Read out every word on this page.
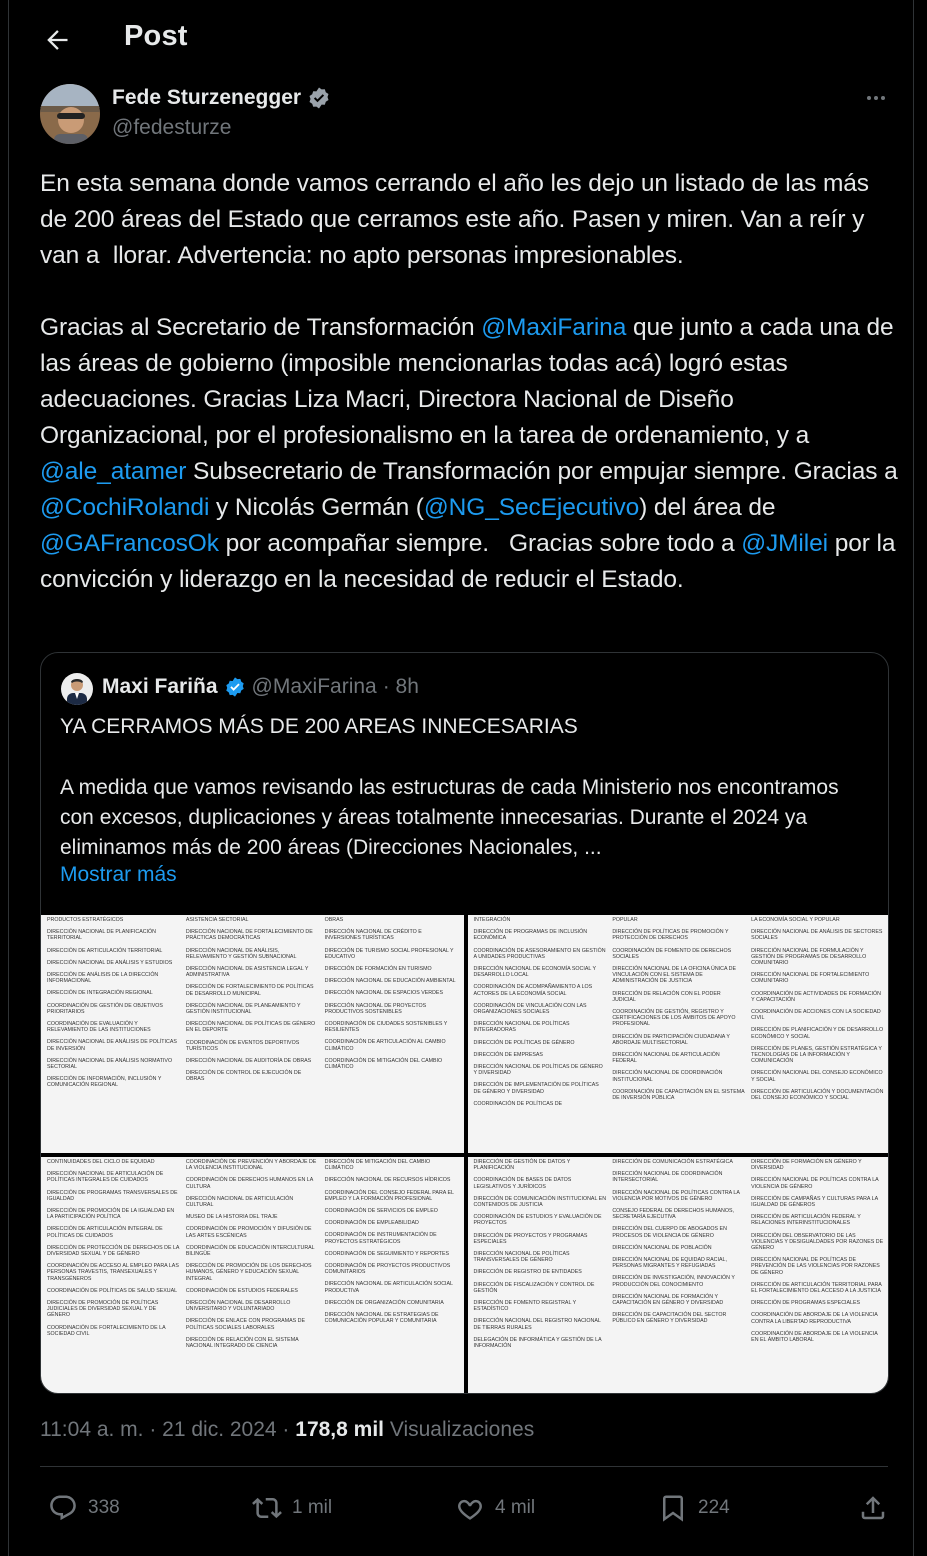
Post
Fede Sturzenegger
@fedesturze
En esta semana donde vamos cerrando el año les dejo un listado de las más de 200 áreas del Estado que cerramos este año. Pasen y miren. Van a reír y van a  llorar. Advertencia: no apto personas impresionables.

Gracias al Secretario de Transformación @MaxiFarina que junto a cada una de las áreas de gobierno (imposible mencionarlas todas acá) logró estas adecuaciones. Gracias Liza Macri, Directora Nacional de Diseño Organizacional, por el profesionalismo en la tarea de ordenamiento, y a @ale_atamer Subsecretario de Transformación por empujar siempre. Gracias a @CochiRolandi y Nicolás Germán (@NG_SecEjecutivo) del área de @GAFrancosOk por acompañar siempre.   Gracias sobre todo a @JMilei por la convicción y liderazgo en la necesidad de reducir el Estado.
Maxi Fariña @MaxiFarina · 8h
YA CERRAMOS MÁS DE 200 AREAS INNECESARIAS
A medida que vamos revisando las estructuras de cada Ministerio nos encontramos con excesos, duplicaciones y áreas totalmente innecesarias. Durante el 2024 ya eliminamos más de 200 áreas (Direcciones Nacionales, ...
Mostrar más
PRODUCTOS ESTRATÉGICOS
DIRECCIÓN NACIONAL DE PLANIFICACIÓN TERRITORIAL
DIRECCIÓN DE ARTICULACIÓN TERRITORIAL
DIRECCIÓN NACIONAL DE ANÁLISIS Y ESTUDIOS
DIRECCIÓN DE ANÁLISIS DE LA DIRECCIÓN INFORMACIONAL
DIRECCIÓN DE INTEGRACIÓN REGIONAL
COORDINACIÓN DE GESTIÓN DE OBJETIVOS PRIORITARIOS
COORDINACIÓN DE EVALUACIÓN Y RELEVAMIENTO DE LAS INSTITUCIONES
DIRECCIÓN NACIONAL DE ANÁLISIS DE POLÍTICAS DE INVERSIÓN
DIRECCIÓN NACIONAL DE ANÁLISIS NORMATIVO SECTORIAL
DIRECCIÓN DE INFORMACIÓN, INCLUSIÓN Y COMUNICACIÓN REGIONAL
ASISTENCIA SECTORIAL
DIRECCIÓN NACIONAL DE FORTALECIMIENTO DE PRÁCTICAS DEMOCRÁTICAS
DIRECCIÓN NACIONAL DE ANÁLISIS, RELEVAMIENTO Y GESTIÓN SUBNACIONAL
DIRECCIÓN NACIONAL DE ASISTENCIA LEGAL Y ADMINISTRATIVA
DIRECCIÓN DE FORTALECIMIENTO DE POLÍTICAS DE DESARROLLO MUNICIPAL
DIRECCIÓN NACIONAL DE PLANEAMIENTO Y GESTIÓN INSTITUCIONAL
DIRECCIÓN NACIONAL DE POLÍTICAS DE GÉNERO EN EL DEPORTE
COORDINACIÓN DE EVENTOS DEPORTIVOS TURÍSTICOS
DIRECCIÓN NACIONAL DE AUDITORÍA DE OBRAS
DIRECCIÓN DE CONTROL DE EJECUCIÓN DE OBRAS
OBRAS
DIRECCIÓN NACIONAL DE CRÉDITO E INVERSIONES TURÍSTICAS
DIRECCIÓN DE TURISMO SOCIAL PROFESIONAL Y EDUCATIVO
DIRECCIÓN DE FORMACIÓN EN TURISMO
DIRECCIÓN NACIONAL DE EDUCACIÓN AMBIENTAL
DIRECCIÓN NACIONAL DE ESPACIOS VERDES
DIRECCIÓN NACIONAL DE PROYECTOS PRODUCTIVOS SOSTENIBLES
COORDINACIÓN DE CIUDADES SOSTENIBLES Y RESILIENTES
COORDINACIÓN DE ARTICULACIÓN AL CAMBIO CLIMÁTICO
COORDINACIÓN DE MITIGACIÓN DEL CAMBIO CLIMÁTICO
INTEGRACIÓN
DIRECCIÓN DE PROGRAMAS DE INCLUSIÓN ECONÓMICA
COORDINACIÓN DE ASESORAMIENTO EN GESTIÓN A UNIDADES PRODUCTIVAS
DIRECCIÓN NACIONAL DE ECONOMÍA SOCIAL Y DESARROLLO LOCAL
COORDINACIÓN DE ACOMPAÑAMIENTO A LOS ACTORES DE LA ECONOMÍA SOCIAL
COORDINACIÓN DE VINCULACIÓN CON LAS ORGANIZACIONES SOCIALES
DIRECCIÓN NACIONAL DE POLÍTICAS INTEGRADORAS
DIRECCIÓN DE POLÍTICAS DE GÉNERO
DIRECCIÓN DE EMPRESAS
DIRECCIÓN NACIONAL DE POLÍTICAS DE GÉNERO Y DIVERSIDAD
DIRECCIÓN DE IMPLEMENTACIÓN DE POLÍTICAS DE GÉNERO Y DIVERSIDAD
COORDINACIÓN DE POLÍTICAS DE
POPULAR
DIRECCIÓN DE POLÍTICAS DE PROMOCIÓN Y PROTECCIÓN DE DERECHOS
COORDINACIÓN DE FOMENTO DE DERECHOS SOCIALES
DIRECCIÓN NACIONAL DE LA OFICINA ÚNICA DE VINCULACIÓN CON EL SISTEMA DE ADMINISTRACIÓN DE JUSTICIA
DIRECCIÓN DE RELACIÓN CON EL PODER JUDICIAL
COORDINACIÓN DE GESTIÓN, REGISTRO Y CERTIFICACIONES DE LOS ÁMBITOS DE APOYO PROFESIONAL
DIRECCIÓN DE PARTICIPACIÓN CIUDADANA Y ABORDAJE MULTISECTORIAL
DIRECCIÓN NACIONAL DE ARTICULACIÓN FEDERAL
DIRECCIÓN NACIONAL DE COORDINACIÓN INSTITUCIONAL
COORDINACIÓN DE CAPACITACIÓN EN EL SISTEMA DE INVERSIÓN PÚBLICA
LA ECONOMÍA SOCIAL Y POPULAR
DIRECCIÓN NACIONAL DE ANÁLISIS DE SECTORES SOCIALES
DIRECCIÓN NACIONAL DE FORMULACIÓN Y GESTIÓN DE PROGRAMAS DE DESARROLLO COMUNITARIO
DIRECCIÓN NACIONAL DE FORTALECIMIENTO COMUNITARIO
COORDINACIÓN DE ACTIVIDADES DE FORMACIÓN Y CAPACITACIÓN
COORDINACIÓN DE ACCIONES CON LA SOCIEDAD CIVIL
DIRECCIÓN DE PLANIFICACIÓN Y DE DESARROLLO ECONÓMICO Y SOCIAL
DIRECCIÓN DE PLANES, GESTIÓN ESTRATÉGICA Y TECNOLOGÍAS DE LA INFORMACIÓN Y COMUNICACIÓN
DIRECCIÓN NACIONAL DEL CONSEJO ECONÓMICO Y SOCIAL
DIRECCIÓN DE ARTICULACIÓN Y DOCUMENTACIÓN DEL CONSEJO ECONÓMICO Y SOCIAL
CONTINUIDADES DEL CICLO DE EQUIDAD
DIRECCIÓN NACIONAL DE ARTICULACIÓN DE POLÍTICAS INTEGRALES DE CUIDADOS
DIRECCIÓN DE PROGRAMAS TRANSVERSALES DE IGUALDAD
DIRECCIÓN DE PROMOCIÓN DE LA IGUALDAD EN LA PARTICIPACIÓN POLÍTICA
DIRECCIÓN DE ARTICULACIÓN INTEGRAL DE POLÍTICAS DE CUIDADOS
DIRECCIÓN DE PROTECCIÓN DE DERECHOS DE LA DIVERSIDAD SEXUAL Y DE GÉNERO
COORDINACIÓN DE ACCESO AL EMPLEO PARA LAS PERSONAS TRAVESTIS, TRANSEXUALES Y TRANSGÉNEROS
COORDINACIÓN DE POLÍTICAS DE SALUD SEXUAL
DIRECCIÓN DE PROMOCIÓN DE POLÍTICAS JUDICIALES DE DIVERSIDAD SEXUAL Y DE GÉNERO
COORDINACIÓN DE FORTALECIMIENTO DE LA SOCIEDAD CIVIL
COORDINACIÓN DE PREVENCIÓN Y ABORDAJE DE LA VIOLENCIA INSTITUCIONAL
COORDINACIÓN DE DERECHOS HUMANOS EN LA CULTURA
DIRECCIÓN NACIONAL DE ARTICULACIÓN CULTURAL
MUSEO DE LA HISTORIA DEL TRAJE
COORDINACIÓN DE PROMOCIÓN Y DIFUSIÓN DE LAS ARTES ESCÉNICAS
COORDINACIÓN DE EDUCACIÓN INTERCULTURAL BILINGÜE
DIRECCIÓN DE PROMOCIÓN DE LOS DERECHOS HUMANOS, GÉNERO Y EDUCACIÓN SEXUAL INTEGRAL
COORDINACIÓN DE ESTUDIOS FEDERALES
DIRECCIÓN NACIONAL DE DESARROLLO UNIVERSITARIO Y VOLUNTARIADO
DIRECCIÓN DE ENLACE CON PROGRAMAS DE POLÍTICAS SOCIALES LABORALES
DIRECCIÓN DE RELACIÓN CON EL SISTEMA NACIONAL INTEGRADO DE CIENCIA
DIRECCIÓN DE MITIGACIÓN DEL CAMBIO CLIMÁTICO
DIRECCIÓN NACIONAL DE RECURSOS HÍDRICOS
COORDINACIÓN DEL CONSEJO FEDERAL PARA EL EMPLEO Y LA FORMACIÓN PROFESIONAL
COORDINACIÓN DE SERVICIOS DE EMPLEO
COORDINACIÓN DE EMPLEABILIDAD
COORDINACIÓN DE INSTRUMENTACIÓN DE PROYECTOS ESTRATÉGICOS
COORDINACIÓN DE SEGUIMIENTO Y REPORTES
COORDINACIÓN DE PROYECTOS PRODUCTIVOS COMUNITARIOS
DIRECCIÓN NACIONAL DE ARTICULACIÓN SOCIAL PRODUCTIVA
DIRECCIÓN DE ORGANIZACIÓN COMUNITARIA
DIRECCIÓN NACIONAL DE ESTRATEGIAS DE COMUNICACIÓN POPULAR Y COMUNITARIA
DIRECCIÓN DE GESTIÓN DE DATOS Y PLANIFICACIÓN
COORDINACIÓN DE BASES DE DATOS LEGISLATIVOS Y JURÍDICOS
DIRECCIÓN DE COMUNICACIÓN INSTITUCIONAL EN CONTENIDOS DE JUSTICIA
COORDINACIÓN DE ESTUDIOS Y EVALUACIÓN DE PROYECTOS
DIRECCIÓN DE PROYECTOS Y PROGRAMAS ESPECIALES
DIRECCIÓN NACIONAL DE POLÍTICAS TRANSVERSALES DE GÉNERO
DIRECCIÓN DE REGISTRO DE ENTIDADES
DIRECCIÓN DE FISCALIZACIÓN Y CONTROL DE GESTIÓN
DIRECCIÓN DE FOMENTO REGISTRAL Y ESTADÍSTICO
DIRECCIÓN NACIONAL DEL REGISTRO NACIONAL DE TIERRAS RURALES
DELEGACIÓN DE INFORMÁTICA Y GESTIÓN DE LA INFORMACIÓN
DIRECCIÓN DE COMUNICACIÓN ESTRATÉGICA
DIRECCIÓN NACIONAL DE COORDINACIÓN INTERSECTORIAL
DIRECCIÓN NACIONAL DE POLÍTICAS CONTRA LA VIOLENCIA POR MOTIVOS DE GÉNERO
CONSEJO FEDERAL DE DERECHOS HUMANOS, SECRETARÍA EJECUTIVA
DIRECCIÓN DEL CUERPO DE ABOGADOS EN PROCESOS DE VIOLENCIA DE GÉNERO
DIRECCIÓN NACIONAL DE POBLACIÓN
DIRECCIÓN NACIONAL DE EQUIDAD RACIAL, PERSONAS MIGRANTES Y REFUGIADAS
DIRECCIÓN DE INVESTIGACIÓN, INNOVACIÓN Y PRODUCCIÓN DEL CONOCIMIENTO
DIRECCIÓN NACIONAL DE FORMACIÓN Y CAPACITACIÓN EN GÉNERO Y DIVERSIDAD
DIRECCIÓN DE CAPACITACIÓN DEL SECTOR PÚBLICO EN GÉNERO Y DIVERSIDAD
DIRECCIÓN DE FORMACIÓN EN GÉNERO Y DIVERSIDAD
DIRECCIÓN NACIONAL DE POLÍTICAS CONTRA LA VIOLENCIA DE GÉNERO
DIRECCIÓN DE CAMPAÑAS Y CULTURAS PARA LA IGUALDAD DE GÉNEROS
DIRECCIÓN DE ARTICULACIÓN FEDERAL Y RELACIONES INTERINSTITUCIONALES
DIRECCIÓN DEL OBSERVATORIO DE LAS VIOLENCIAS Y DESIGUALDADES POR RAZONES DE GÉNERO
DIRECCIÓN NACIONAL DE POLÍTICAS DE PREVENCIÓN DE LAS VIOLENCIAS POR RAZONES DE GÉNERO
DIRECCIÓN DE ARTICULACIÓN TERRITORIAL PARA EL FORTALECIMIENTO DEL ACCESO A LA JUSTICIA
DIRECCIÓN DE PROGRAMAS ESPECIALES
COORDINACIÓN DE ABORDAJE DE LA VIOLENCIA CONTRA LA LIBERTAD REPRODUCTIVA
COORDINACIÓN DE ABORDAJE DE LA VIOLENCIA EN EL ÁMBITO LABORAL
11:04 a. m. · 21 dic. 2024 · 178,8 mil Visualizaciones
338	1 mil	4 mil	224
